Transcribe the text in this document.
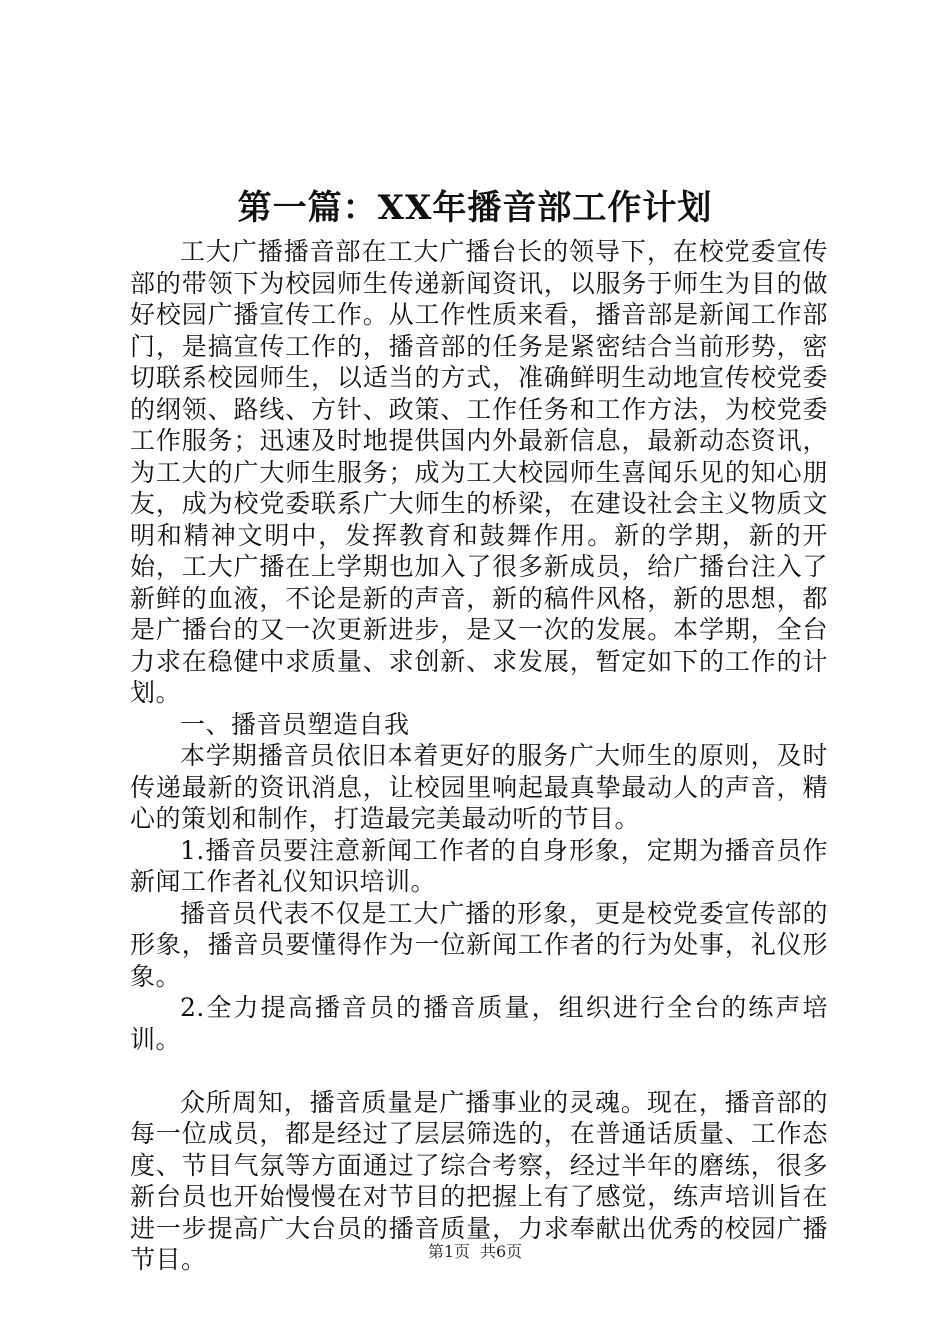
第一篇：XX年播音部工作计划

工大广播播音部在工大广播台长的领导下，在校党委宣传部的带领下为校园师生传递新闻资讯，以服务于师生为目的做好校园广播宣传工作。从工作性质来看，播音部是新闻工作部门，是搞宣传工作的，播音部的任务是紧密结合当前形势，密切联系校园师生，以适当的方式，准确鲜明生动地宣传校党委的纲领、路线、方针、政策、工作任务和工作方法，为校党委工作服务；迅速及时地提供国内外最新信息，最新动态资讯，为工大的广大师生服务；成为工大校园师生喜闻乐见的知心朋友，成为校党委联系广大师生的桥梁，在建设社会主义物质文明和精神文明中，发挥教育和鼓舞作用。新的学期，新的开始，工大广播在上学期也加入了很多新成员，给广播台注入了新鲜的血液，不论是新的声音，新的稿件风格，新的思想，都是广播台的又一次更新进步，是又一次的发展。本学期，全台力求在稳健中求质量、求创新、求发展，暂定如下的工作的计划。

一、播音员塑造自我

本学期播音员依旧本着更好的服务广大师生的原则，及时传递最新的资讯消息，让校园里响起最真挚最动人的声音，精心的策划和制作，打造最完美最动听的节目。

1.播音员要注意新闻工作者的自身形象，定期为播音员作新闻工作者礼仪知识培训。

播音员代表不仅是工大广播的形象，更是校党委宣传部的形象，播音员要懂得作为一位新闻工作者的行为处事，礼仪形象。

2.全力提高播音员的播音质量，组织进行全台的练声培训。

众所周知，播音质量是广播事业的灵魂。现在，播音部的每一位成员，都是经过了层层筛选的，在普通话质量、工作态度、节目气氛等方面通过了综合考察，经过半年的磨练，很多新台员也开始慢慢在对节目的把握上有了感觉，练声培训旨在进一步提高广大台员的播音质量，力求奉献出优秀的校园广播节目。	第1页 共6页
